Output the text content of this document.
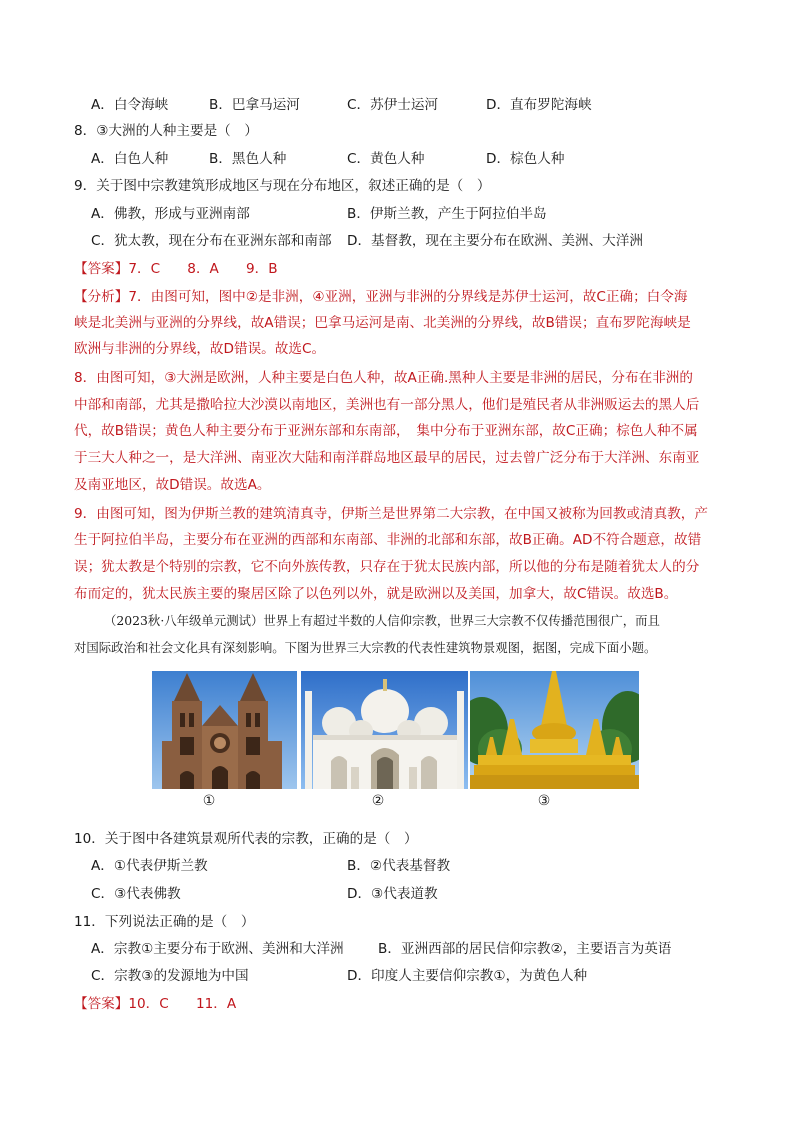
A．白令海峡	B．巴拿马运河	C．苏伊士运河	D．直布罗陀海峡
8．③大洲的人种主要是（　）
A．白色人种	B．黑色人种	C．黄色人种	D．棕色人种
9．关于图中宗教建筑形成地区与现在分布地区，叙述正确的是（　）
A．佛教，形成与亚洲南部	B．伊斯兰教，产生于阿拉伯半岛
C．犹太教，现在分布在亚洲东部和南部 D．基督教，现在主要分布在欧洲、美洲、大洋洲
【答案】7．C　　8．A　　9．B
【分析】7．由图可知，图中②是非洲，④亚洲，亚洲与非洲的分界线是苏伊士运河，故C正确；白令海
峡是北美洲与亚洲的分界线，故A错误；巴拿马运河是南、北美洲的分界线，故B错误；直布罗陀海峡是
欧洲与非洲的分界线，故D错误。故选C。
8．由图可知，③大洲是欧洲，人种主要是白色人种，故A正确.黑种人主要是非洲的居民，分布在非洲的
中部和南部，尤其是撒哈拉大沙漠以南地区，美洲也有一部分黑人，他们是殖民者从非洲贩运去的黑人后
代，故B错误；黄色人种主要分布于亚洲东部和东南部，　集中分布于亚洲东部，故C正确；棕色人种不属
于三大人种之一，是大洋洲、南亚次大陆和南洋群岛地区最早的居民，过去曾广泛分布于大洋洲、东南亚
及南亚地区，故D错误。故选A。
9．由图可知，图为伊斯兰教的建筑清真寺，伊斯兰是世界第二大宗教，在中国又被称为回教或清真教，产
生于阿拉伯半岛，主要分布在亚洲的西部和东南部、非洲的北部和东部，故B正确。AD不符合题意，故错
误；犹太教是个特别的宗教，它不向外族传教，只存在于犹太民族内部，所以他的分布是随着犹太人的分
布而定的，犹太民族主要的聚居区除了以色列以外，就是欧洲以及美国，加拿大，故C错误。故选B。
（2023秋·八年级单元测试）世界上有超过半数的人信仰宗教，世界三大宗教不仅传播范围很广，而且
对国际政治和社会文化具有深刻影响。下图为世界三大宗教的代表性建筑物景观图，据图，完成下面小题。
①	②	③
10．关于图中各建筑景观所代表的宗教，正确的是（　）
A．①代表伊斯兰教	B．②代表基督教
C．③代表佛教	D．③代表道教
11．下列说法正确的是（　）
A．宗教①主要分布于欧洲、美洲和大洋洲	B．亚洲西部的居民信仰宗教②，主要语言为英语
C．宗教③的发源地为中国	D．印度人主要信仰宗教①，为黄色人种
【答案】10．C　　11．A
